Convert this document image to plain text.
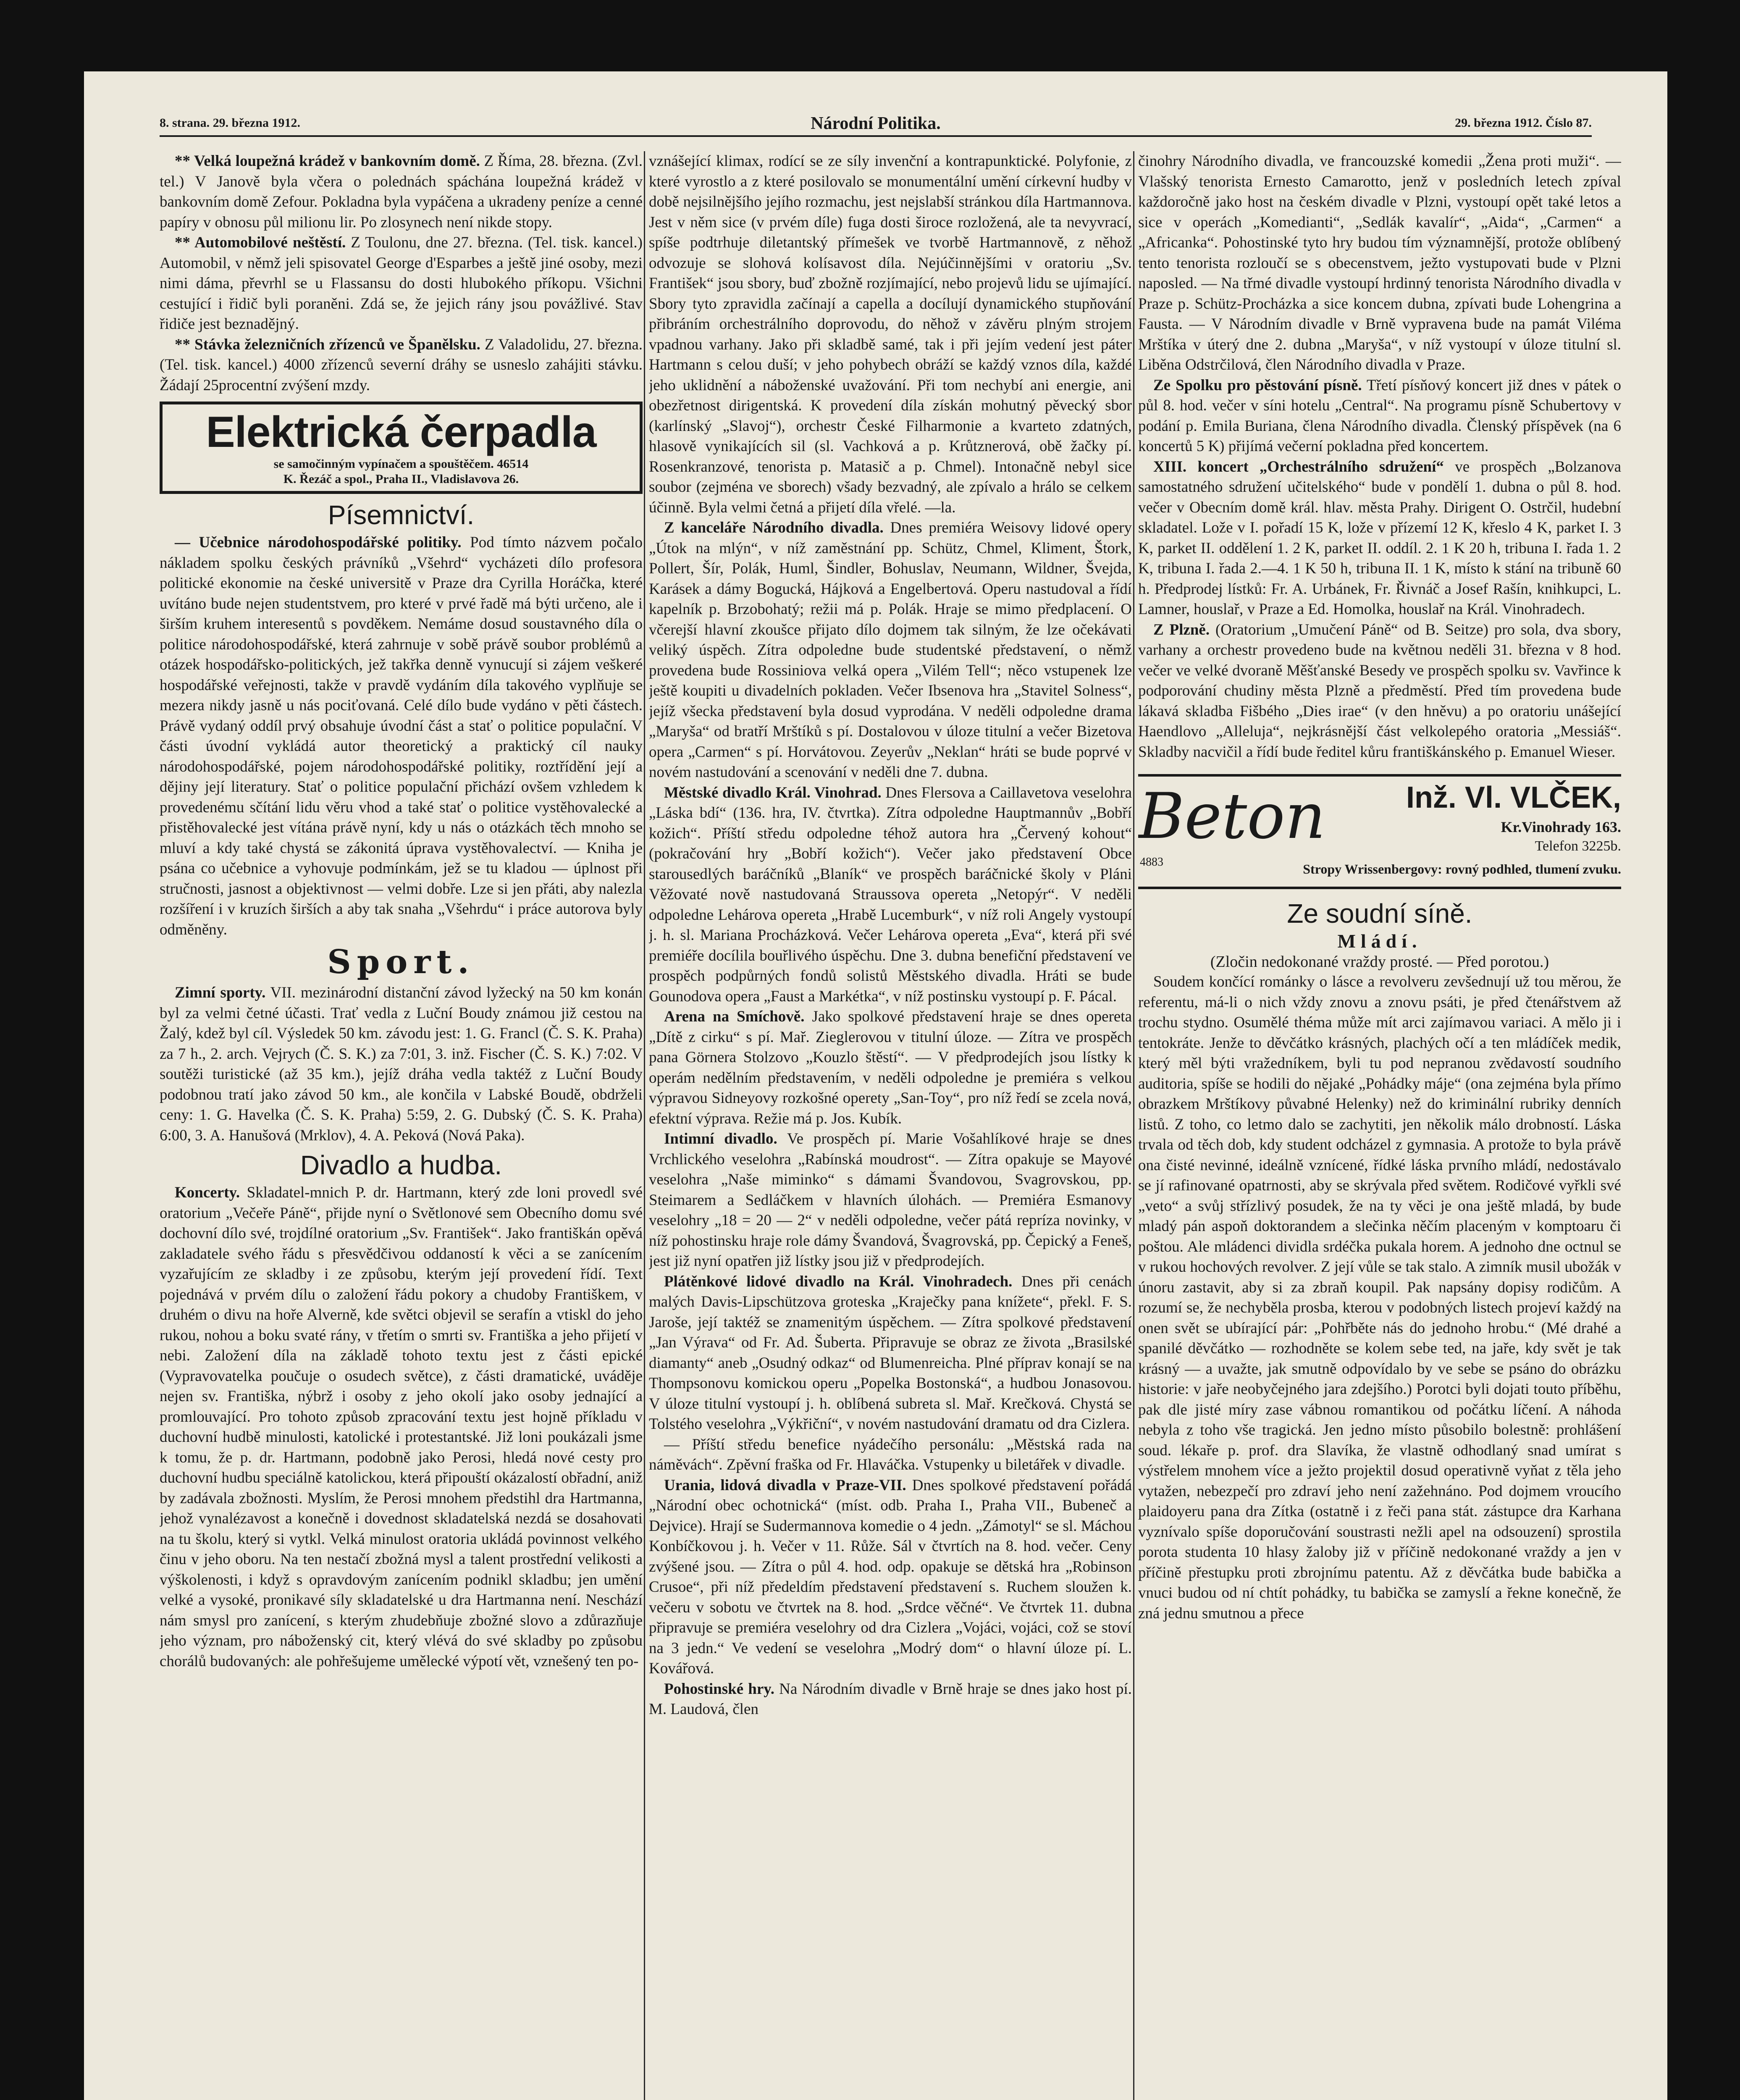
8. strana. 29. března 1912.	Národní Politika.	29. března 1912. Číslo 87.

** Velká loupežná krádež v bankovním domě. Z Říma, 28. března. (Zvl. tel.) V Janově byla včera o polednách spáchána loupežná krádež v bankovním domě Zefour. Pokladna byla vypáčena a ukradeny peníze a cenné papíry v obnosu půl milionu lir. Po zlosynech není nikde stopy.

** Automobilové neštěstí. Z Toulonu, dne 27. března. (Tel. tisk. kancel.) Automobil, v němž jeli spisovatel George d'Esparbes a ještě jiné osoby, mezi nimi dáma, převrhl se u Flassansu do dosti hlubokého příkopu. Všichni cestující i řidič byli poraněni. Zdá se, že jejich rány jsou povážlivé. Stav řidiče jest beznadějný.

** Stávka železničních zřízenců ve Španělsku. Z Valadolidu, 27. března. (Tel. tisk. kancel.) 4000 zřízenců severní dráhy se usneslo zahájiti stávku. Žádají 25procentní zvýšení mzdy.

Elektrická čerpadla
se samočinným vypínačem a spouštěčem. 46514
K. Řezáč a spol., Praha II., Vladislavova 26.
Písemnictví.

— Učebnice národohospodářské politiky. Pod tímto názvem počalo nákladem spolku českých právníků „Všehrd“ vycházeti dílo profesora politické ekonomie na české universitě v Praze dra Cyrilla Horáčka, které uvítáno bude nejen studentstvem, pro které v prvé řadě má býti určeno, ale i širším kruhem interesentů s povděkem. Nemáme dosud soustavného díla o politice národohospodářské, která zahrnuje v sobě právě soubor problémů a otázek hospodářsko-politických, jež takřka denně vynucují si zájem veškeré hospodářské veřejnosti, takže v pravdě vydáním díla takového vyplňuje se mezera nikdy jasně u nás pociťovaná. Celé dílo bude vydáno v pěti částech. Právě vydaný oddíl prvý obsahuje úvodní část a stať o politice populační. V části úvodní vykládá autor theoretický a praktický cíl nauky národohospodářské, pojem národohospodářské politiky, roztřídění její a dějiny její literatury. Stať o politice populační přichází ovšem vzhledem k provedenému sčítání lidu věru vhod a také stať o politice vystěhovalecké a přistěhovalecké jest vítána právě nyní, kdy u nás o otázkách těch mnoho se mluví a kdy také chystá se zákonitá úprava vystěhovalectví. — Kniha je psána co učebnice a vyhovuje podmínkám, jež se tu kladou — úplnost při stručnosti, jasnost a objektivnost — velmi dobře. Lze si jen přáti, aby nalezla rozšíření i v kruzích širších a aby tak snaha „Všehrdu“ i práce autorova byly odměněny.

Sport.

Zimní sporty. VII. mezinárodní distanční závod lyžecký na 50 km konán byl za velmi četné účasti. Trať vedla z Luční Boudy známou již cestou na Žalý, kdež byl cíl. Výsledek 50 km. závodu jest: 1. G. Francl (Č. S. K. Praha) za 7 h., 2. arch. Vejrych (Č. S. K.) za 7:01, 3. inž. Fischer (Č. S. K.) 7:02. V soutěži turistické (až 35 km.), jejíž dráha vedla taktéž z Luční Boudy podobnou tratí jako závod 50 km., ale končila v Labské Boudě, obdrželi ceny: 1. G. Havelka (Č. S. K. Praha) 5:59, 2. G. Dubský (Č. S. K. Praha) 6:00, 3. A. Hanušová (Mrklov), 4. A. Peková (Nová Paka).

Divadlo a hudba.

Koncerty. Skladatel-mnich P. dr. Hartmann, který zde loni provedl své oratorium „Večeře Páně“, přijde nyní o Světlonové sem Obecního domu své dochovní dílo své, trojdílné oratorium „Sv. František“. Jako františkán opěvá zakladatele svého řádu s přesvědčivou oddaností k věci a se zanícením vyzařujícím ze skladby i ze způsobu, kterým její provedení řídí. Text pojednává v prvém dílu o založení řádu pokory a chudoby Františkem, v druhém o divu na hoře Alverně, kde světci objevil se serafín a vtiskl do jeho rukou, nohou a boku svaté rány, v třetím o smrti sv. Františka a jeho přijetí v nebi. Založení díla na základě tohoto textu jest z části epické (Vypravovatelka poučuje o osudech světce), z části dramatické, uváděje nejen sv. Františka, nýbrž i osoby z jeho okolí jako osoby jednající a promlouvající. Pro tohoto způsob zpracování textu jest hojně příkladu v duchovní hudbě minulosti, katolické i protestantské. Již loni poukázali jsme k tomu, že p. dr. Hartmann, podobně jako Perosi, hledá nové cesty pro duchovní hudbu speciálně katolickou, která připouští okázalostí obřadní, aniž by zadávala zbožnosti. Myslím, že Perosi mnohem předstihl dra Hartmanna, jehož vynalézavost a konečně i dovednost skladatelská nezdá se dosahovati na tu školu, který si vytkl. Velká minulost oratoria ukládá povinnost velkého činu v jeho oboru. Na ten nestačí zbožná mysl a talent prostřední velikosti a výškolenosti, i když s opravdovým zanícením podnikl skladbu; jen umění velké a vysoké, pronikavé síly skladatelské u dra Hartmanna není. Neschází nám smysl pro zanícení, s kterým zhudebňuje zbožné slovo a zdůrazňuje jeho význam, pro náboženský cit, který vlévá do své skladby po způsobu chorálů budovaných: ale pohřešujeme umělecké výpotí vět, vznešený ten po-

vznášející klimax, rodící se ze síly invenční a kontrapunktické. Polyfonie, z které vyrostlo a z které posilovalo se monumentální umění církevní hudby v době nejsilnějšího jejího rozmachu, jest nejslabší stránkou díla Hartmannova. Jest v něm sice (v prvém díle) fuga dosti široce rozložená, ale ta nevyvrací, spíše podtrhuje diletantský přímešek ve tvorbě Hartmannově, z něhož odvozuje se slohová kolísavost díla. Nejúčinnějšími v oratoriu „Sv. František“ jsou sbory, buď zbožně rozjímající, nebo projevů lidu se ujímající. Sbory tyto zpravidla začínají a capella a docílují dynamického stupňování přibráním orchestrálního doprovodu, do něhož v závěru plným strojem vpadnou varhany. Jako při skladbě samé, tak i při jejím vedení jest páter Hartmann s celou duší; v jeho pohybech obráží se každý vznos díla, každé jeho uklidnění a náboženské uvažování. Při tom nechybí ani energie, ani obezřetnost dirigentská. K provedení díla získán mohutný pěvecký sbor (karlínský „Slavoj“), orchestr České Filharmonie a kvarteto zdatných, hlasově vynikajících sil (sl. Vachková a p. Krůtznerová, obě žačky pí. Rosenkranzové, tenorista p. Matasič a p. Chmel). Intonačně nebyl sice soubor (zejména ve sborech) všady bezvadný, ale zpívalo a hrálo se celkem účinně. Byla velmi četná a přijetí díla vřelé. —la.

Z kanceláře Národního divadla. Dnes premiéra Weisovy lidové opery „Útok na mlýn“, v níž zaměstnání pp. Schütz, Chmel, Kliment, Štork, Pollert, Šír, Polák, Huml, Šindler, Bohuslav, Neumann, Wildner, Švejda, Karásek a dámy Bogucká, Hájková a Engelbertová. Operu nastudoval a řídí kapelník p. Brzobohatý; režii má p. Polák. Hraje se mimo předplacení. O včerejší hlavní zkoušce přijato dílo dojmem tak silným, že lze očekávati veliký úspěch. Zítra odpoledne bude studentské představení, o němž provedena bude Rossiniova velká opera „Vilém Tell“; něco vstupenek lze ještě koupiti u divadelních pokladen. Večer Ibsenova hra „Stavitel Solness“, jejíž všecka představení byla dosud vyprodána. V neděli odpoledne drama „Maryša“ od bratří Mrštíků s pí. Dostalovou v úloze titulní a večer Bizetova opera „Carmen“ s pí. Horvátovou. Zeyerův „Neklan“ hráti se bude poprvé v novém nastudování a scenování v neděli dne 7. dubna.

Městské divadlo Král. Vinohrad. Dnes Flersova a Caillavetova veselohra „Láska bdí“ (136. hra, IV. čtvrtka). Zítra odpoledne Hauptmannův „Bobří kožich“. Příští středu odpoledne téhož autora hra „Červený kohout“ (pokračování hry „Bobří kožich“). Večer jako představení Obce starousedlých baráčníků „Blaník“ ve prospěch baráčnické školy v Pláni Věžovaté nově nastudovaná Straussova opereta „Netopýr“. V neděli odpoledne Lehárova opereta „Hrabě Lucemburk“, v níž roli Angely vystoupí j. h. sl. Mariana Procházková. Večer Lehárova opereta „Eva“, která při své premiéře docílila bouřlivého úspěchu. Dne 3. dubna benefiční představení ve prospěch podpůrných fondů solistů Městského divadla. Hráti se bude Gounodova opera „Faust a Markétka“, v níž postinsku vystoupí p. F. Pácal.

Arena na Smíchově. Jako spolkové představení hraje se dnes opereta „Dítě z cirku“ s pí. Mař. Zieglerovou v titulní úloze. — Zítra ve prospěch pana Görnera Stolzovo „Kouzlo štěstí“. — V předprodejích jsou lístky k operám nedělním představením, v neděli odpoledne je premiéra s velkou výpravou Sidneyovy rozkošné operety „San-Toy“, pro níž ředí se zcela nová, efektní výprava. Režie má p. Jos. Kubík.

Intimní divadlo. Ve prospěch pí. Marie Vošahlíkové hraje se dnes Vrchlického veselohra „Rabínská moudrost“. — Zítra opakuje se Mayové veselohra „Naše miminko“ s dámami Švandovou, Svagrovskou, pp. Steimarem a Sedláčkem v hlavních úlohách. — Premiéra Esmanovy veselohry „18 = 20 — 2“ v neděli odpoledne, večer pátá repríza novinky, v níž pohostinsku hraje role dámy Švandová, Švagrovská, pp. Čepický a Feneš, jest již nyní opatřen již lístky jsou již v předprodejích.

Plátěnkové lidové divadlo na Král. Vinohradech. Dnes při cenách malých Davis-Lipschützova groteska „Kraječky pana knížete“, překl. F. S. Jaroše, její taktéž se znamenitým úspěchem. — Zítra spolkové představení „Jan Výrava“ od Fr. Ad. Šuberta. Připravuje se obraz ze života „Brasilské diamanty“ aneb „Osudný odkaz“ od Blumenreicha. Plné příprav konají se na Thompsonovu komickou operu „Popelka Bostonská“, a hudbou Jonasovou. V úloze titulní vystoupí j. h. oblíbená subreta sl. Mař. Krečková. Chystá se Tolstého veselohra „Výkřiční“, v novém nastudování dramatu od dra Cizlera.

— Příští středu benefice nyádečího personálu: „Městská rada na náměvách“. Zpěvní fraška od Fr. Hlaváčka. Vstupenky u biletářek v divadle.

Urania, lidová divadla v Praze-VII. Dnes spolkové představení pořádá „Národní obec ochotnická“ (míst. odb. Praha I., Praha VII., Bubeneč a Dejvice). Hrají se Sudermannova komedie o 4 jedn. „Zámotyl“ se sl. Máchou Konbíčkovou j. h. Večer v 11. Růže. Sál v čtvrtích na 8. hod. večer. Ceny zvýšené jsou. — Zítra o půl 4. hod. odp. opakuje se dětská hra „Robinson Crusoe“, při níž předeldím představení představení s. Ruchem sloužen k. večeru v sobotu ve čtvrtek na 8. hod. „Srdce věčné“. Ve čtvrtek 11. dubna připravuje se premiéra veselohry od dra Cizlera „Vojáci, vojáci, což se stoví na 3 jedn.“ Ve vedení se veselohra „Modrý dom“ o hlavní úloze pí. L. Kovářová.

Pohostinské hry. Na Národním divadle v Brně hraje se dnes jako host pí. M. Laudová, člen

činohry Národního divadla, ve francouzské komedii „Žena proti muži“. — Vlašský tenorista Ernesto Camarotto, jenž v posledních letech zpíval každoročně jako host na českém divadle v Plzni, vystoupí opět také letos a sice v operách „Komedianti“, „Sedlák kavalír“, „Aida“, „Carmen“ a „Africanka“. Pohostinské tyto hry budou tím významnější, protože oblíbený tento tenorista rozloučí se s obecenstvem, ježto vystupovati bude v Plzni naposled. — Na třmé divadle vystoupí hrdinný tenorista Národního divadla v Praze p. Schütz-Procházka a sice koncem dubna, zpívati bude Lohengrina a Fausta. — V Národním divadle v Brně vypravena bude na památ Viléma Mrštíka v úterý dne 2. dubna „Maryša“, v níž vystoupí v úloze titulní sl. Liběna Odstrčilová, člen Národního divadla v Praze.

Ze Spolku pro pěstování písně. Třetí písňový koncert již dnes v pátek o půl 8. hod. večer v síni hotelu „Central“. Na programu písně Schubertovy v podání p. Emila Buriana, člena Národního divadla. Členský příspěvek (na 6 koncertů 5 K) přijímá večerní pokladna před koncertem.

XIII. koncert „Orchestrálního sdružení“ ve prospěch „Bolzanova samostatného sdružení učitelského“ bude v pondělí 1. dubna o půl 8. hod. večer v Obecním domě král. hlav. města Prahy. Dirigent O. Ostrčil, hudební skladatel. Lože v I. pořadí 15 K, lože v přízemí 12 K, křeslo 4 K, parket I. 3 K, parket II. oddělení 1. 2 K, parket II. oddíl. 2. 1 K 20 h, tribuna I. řada 1. 2 K, tribuna I. řada 2.—4. 1 K 50 h, tribuna II. 1 K, místo k stání na tribuně 60 h. Předprodej lístků: Fr. A. Urbánek, Fr. Řivnáč a Josef Rašín, knihkupci, L. Lamner, houslař, v Praze a Ed. Homolka, houslař na Král. Vinohradech.

Z Plzně. (Oratorium „Umučení Páně“ od B. Seitze) pro sola, dva sbory, varhany a orchestr provedeno bude na květnou neděli 31. března v 8 hod. večer ve velké dvoraně Měšťanské Besedy ve prospěch spolku sv. Vavřince k podporování chudiny města Plzně a předměstí. Před tím provedena bude lákavá skladba Fišbého „Dies irae“ (v den hněvu) a po oratoriu unášející Haendlovo „Alleluja“, nejkrásnější část velkolepého oratoria „Messiáš“. Skladby nacvičil a řídí bude ředitel kůru františkánského p. Emanuel Wieser.

Beton
4883
Inž. Vl. VLČEK,
Kr.Vinohrady 163.
Telefon 3225b.
Stropy Wrissenbergovy: rovný podhled, tlumení zvuku.
Ze soudní síně.
Mládí.
(Zločin nedokonané vraždy prosté. — Před porotou.)

Soudem končící románky o lásce a revolveru zevšednují už tou měrou, že referentu, má-li o nich vždy znovu a znovu psáti, je před čtenářstvem až trochu stydno. Osumělé théma může mít arci zajímavou variaci. A mělo ji i tentokráte. Jenže to děvčátko krásných, plachých očí a ten mládíček medik, který měl býti vražedníkem, byli tu pod nepranou zvědavostí soudního auditoria, spíše se hodili do nějaké „Pohádky máje“ (ona zejména byla přímo obrazkem Mrštíkovy půvabné Helenky) než do kriminální rubriky denních listů. Z toho, co letmo dalo se zachytiti, jen několik málo drobností. Láska trvala od těch dob, kdy student odcházel z gymnasia. A protože to byla právě ona čisté nevinné, ideálně vznícené, řídké láska prvního mládí, nedostávalo se jí rafinované opatrnosti, aby se skrývala před světem. Rodičové vyřkli své „veto“ a svůj střízlivý posudek, že na ty věci je ona ještě mladá, by bude mladý pán aspoň doktorandem a slečinka něčím placeným v komptoaru či poštou. Ale mládenci dividla srdéčka pukala horem. A jednoho dne octnul se v rukou hochových revolver. Z její vůle se tak stalo. A zimník musil ubožák v únoru zastavit, aby si za zbraň koupil. Pak napsány dopisy rodičům. A rozumí se, že nechyběla prosba, kterou v podobných listech projeví každý na onen svět se ubírající pár: „Pohřběte nás do jednoho hrobu.“ (Mé drahé a spanilé děvčátko — rozhodněte se kolem sebe ted, na jaře, kdy svět je tak krásný — a uvažte, jak smutně odpovídalo by ve sebe se psáno do obrázku historie: v jaře neobyčejného jara zdejšího.) Porotci byli dojati touto příběhu, pak dle jisté míry zase vábnou romantikou od počátku líčení. A náhoda nebyla z toho vše tragická. Jen jedno místo působilo bolestně: prohlášení soud. lékaře p. prof. dra Slavíka, že vlastně odhodlaný snad umírat s výstřelem mnohem více a ježto projektil dosud operativně vyňat z těla jeho vytažen, nebezpečí pro zdraví jeho není zažehnáno. Pod dojmem vroucího plaidoyeru pana dra Zítka (ostatně i z řeči pana stát. zástupce dra Karhana vyznívalo spíše doporučování soustrasti nežli apel na odsouzení) sprostila porota studenta 10 hlasy žaloby již v příčině nedokonané vraždy a jen v příčině přestupku proti zbrojnímu patentu. Až z děvčátka bude babička a vnuci budou od ní chtít pohádky, tu babička se zamyslí a řekne konečně, že zná jednu smutnou a přece
